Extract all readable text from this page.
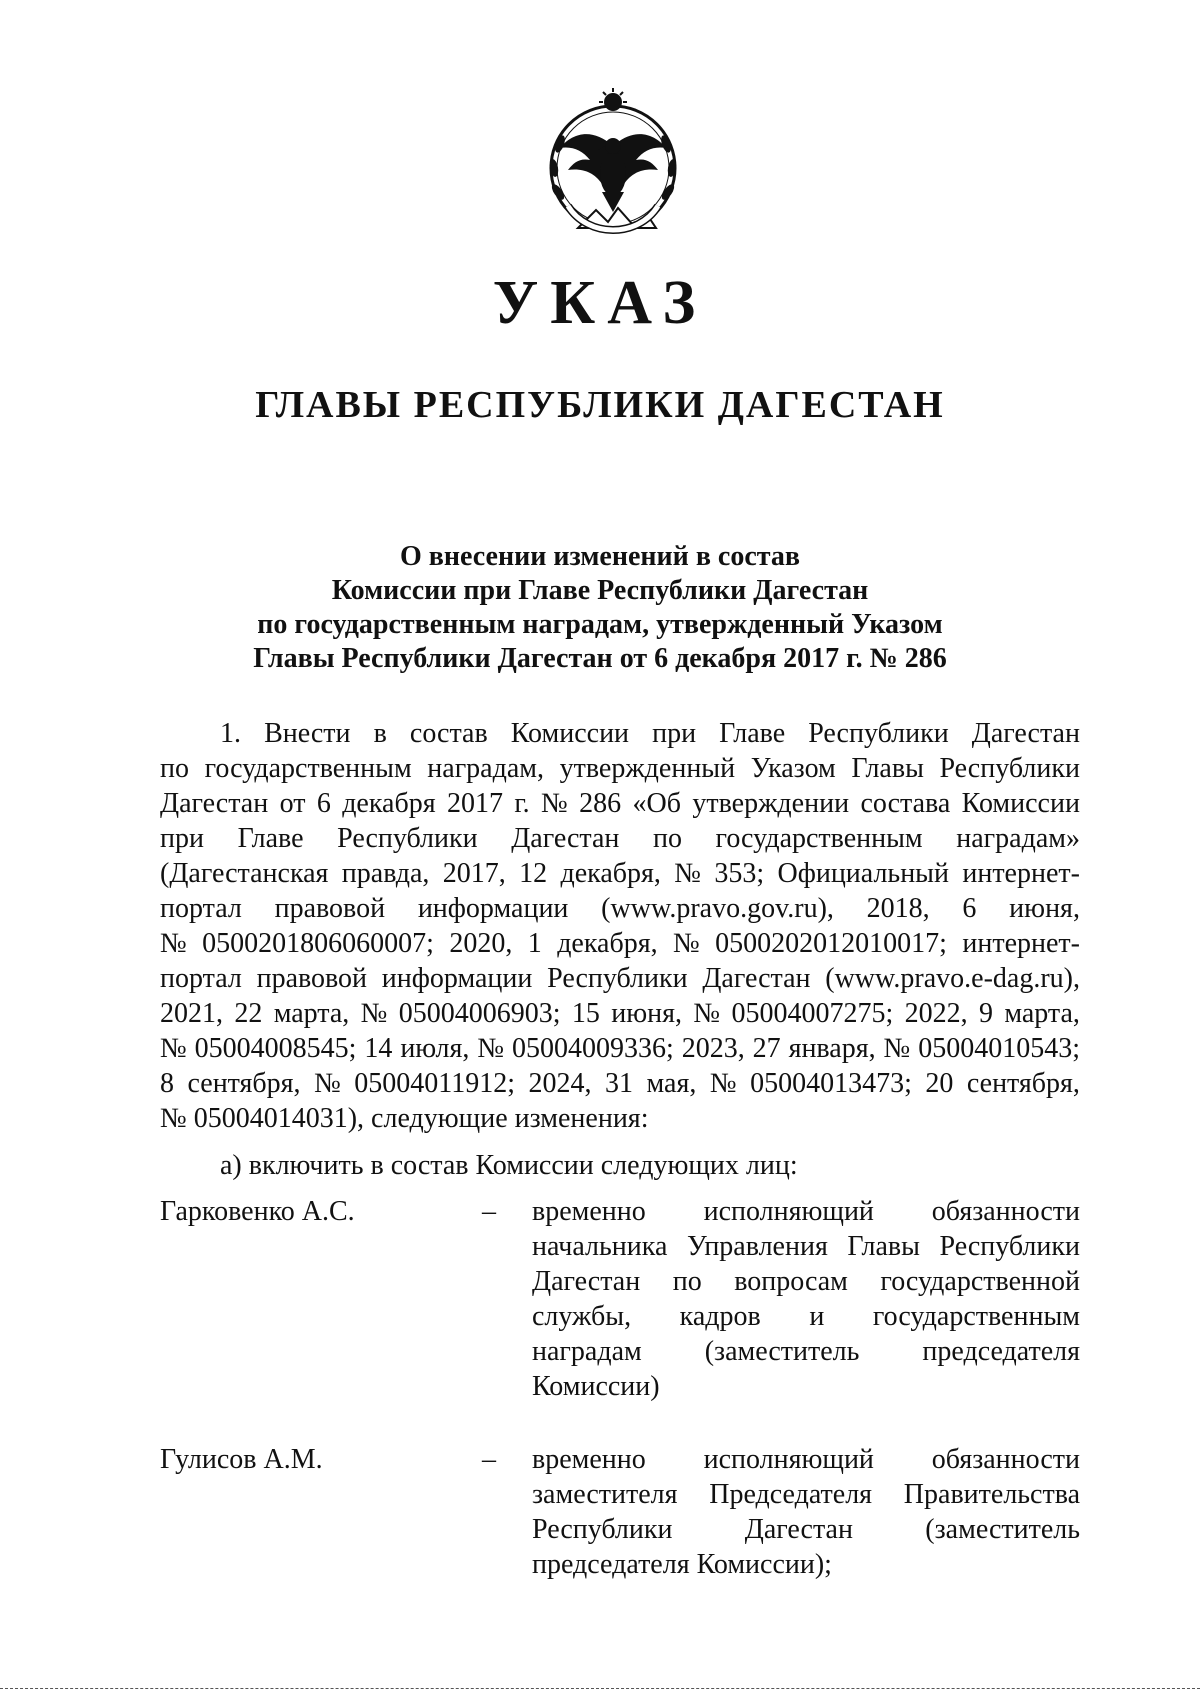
УКАЗ
ГЛАВЫ РЕСПУБЛИКИ ДАГЕСТАН
О внесении изменений в состав
Комиссии при Главе Республики Дагестан
по государственным наградам, утвержденный Указом
Главы Республики Дагестан от 6 декабря 2017 г. № 286
1. Внести в состав Комиссии при Главе Республики Дагестан
по государственным наградам, утвержденный Указом Главы Республики
Дагестан от 6 декабря 2017 г. № 286 «Об утверждении состава Комиссии
при Главе Республики Дагестан по государственным наградам»
(Дагестанская правда, 2017, 12 декабря, № 353; Официальный интернет-
портал правовой информации (www.pravo.gov.ru), 2018, 6 июня,
№ 0500201806060007; 2020, 1 декабря, № 0500202012010017; интернет-
портал правовой информации Республики Дагестан (www.pravo.e-dag.ru),
2021, 22 марта, № 05004006903; 15 июня, № 05004007275; 2022, 9 марта,
№ 05004008545; 14 июля, № 05004009336; 2023, 27 января, № 05004010543;
8 сентября, № 05004011912; 2024, 31 мая, № 05004013473; 20 сентября,
№ 05004014031), следующие изменения:
а) включить в состав Комиссии следующих лиц:
Гарковенко А.С.	– временно исполняющий обязанности
начальника Управления Главы Республики
Дагестан по вопросам государственной
службы, кадров и государственным
наградам (заместитель председателя
Комиссии)
Гулисов А.М.	– временно исполняющий обязанности
заместителя Председателя Правительства
Республики	Дагестан	(заместитель
председателя Комиссии);
